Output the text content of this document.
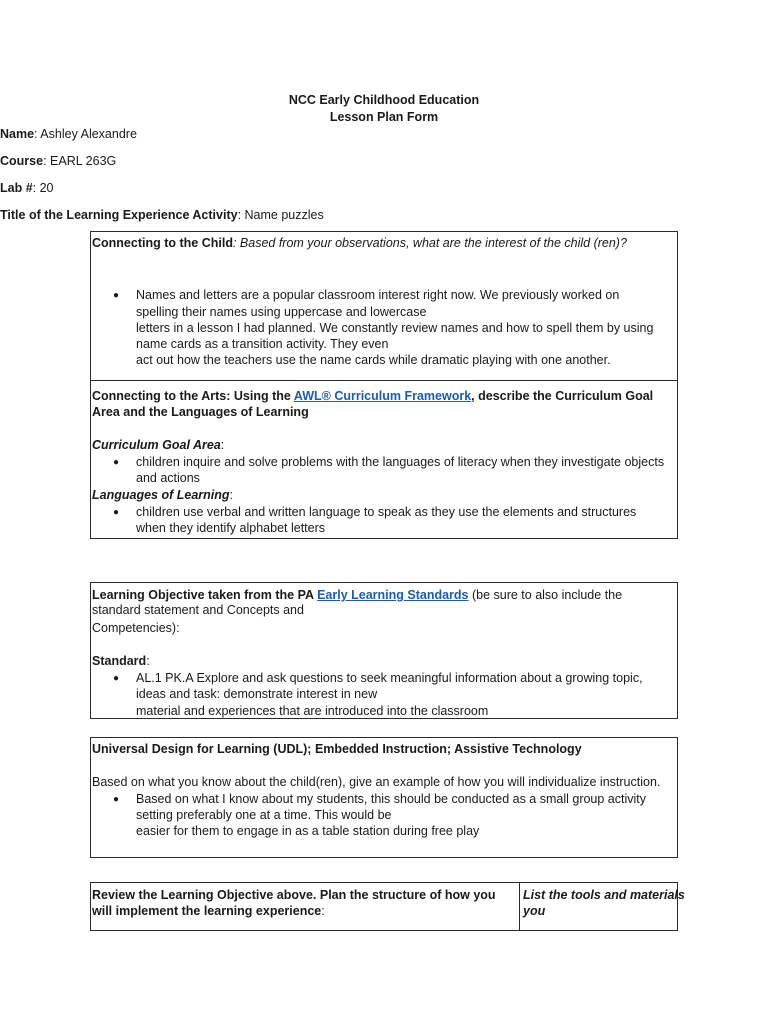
NCC Early Childhood Education
Lesson Plan Form
Name: Ashley Alexandre
Course: EARL 263G
Lab #: 20
Title of the Learning Experience Activity: Name puzzles
Connecting to the Child: Based from your observations, what are the interest of the child (ren)?
● Names and letters are a popular classroom interest right now. We previously worked on
spelling their names using uppercase and lowercase
letters in a lesson I had planned. We constantly review names and how to spell them by using
name cards as a transition activity. They even
act out how the teachers use the name cards while dramatic playing with one another.
Connecting to the Arts: Using the AWL® Curriculum Framework, describe the Curriculum Goal
Area and the Languages of Learning
Curriculum Goal Area:
● children inquire and solve problems with the languages of literacy when they investigate objects
and actions
Languages of Learning:
● children use verbal and written language to speak as they use the elements and structures
when they identify alphabet letters
Learning Objective taken from the PA Early Learning Standards (be sure to also include the
standard statement and Concepts and
Competencies):
Standard:
● AL.1 PK.A Explore and ask questions to seek meaningful information about a growing topic,
ideas and task: demonstrate interest in new
material and experiences that are introduced into the classroom
Universal Design for Learning (UDL); Embedded Instruction; Assistive Technology
Based on what you know about the child(ren), give an example of how you will individualize instruction.
● Based on what I know about my students, this should be conducted as a small group activity
setting preferably one at a time. This would be
easier for them to engage in as a table station during free play
Review the Learning Objective above. Plan the structure of how you
will implement the learning experience:
List the tools and materials
you
